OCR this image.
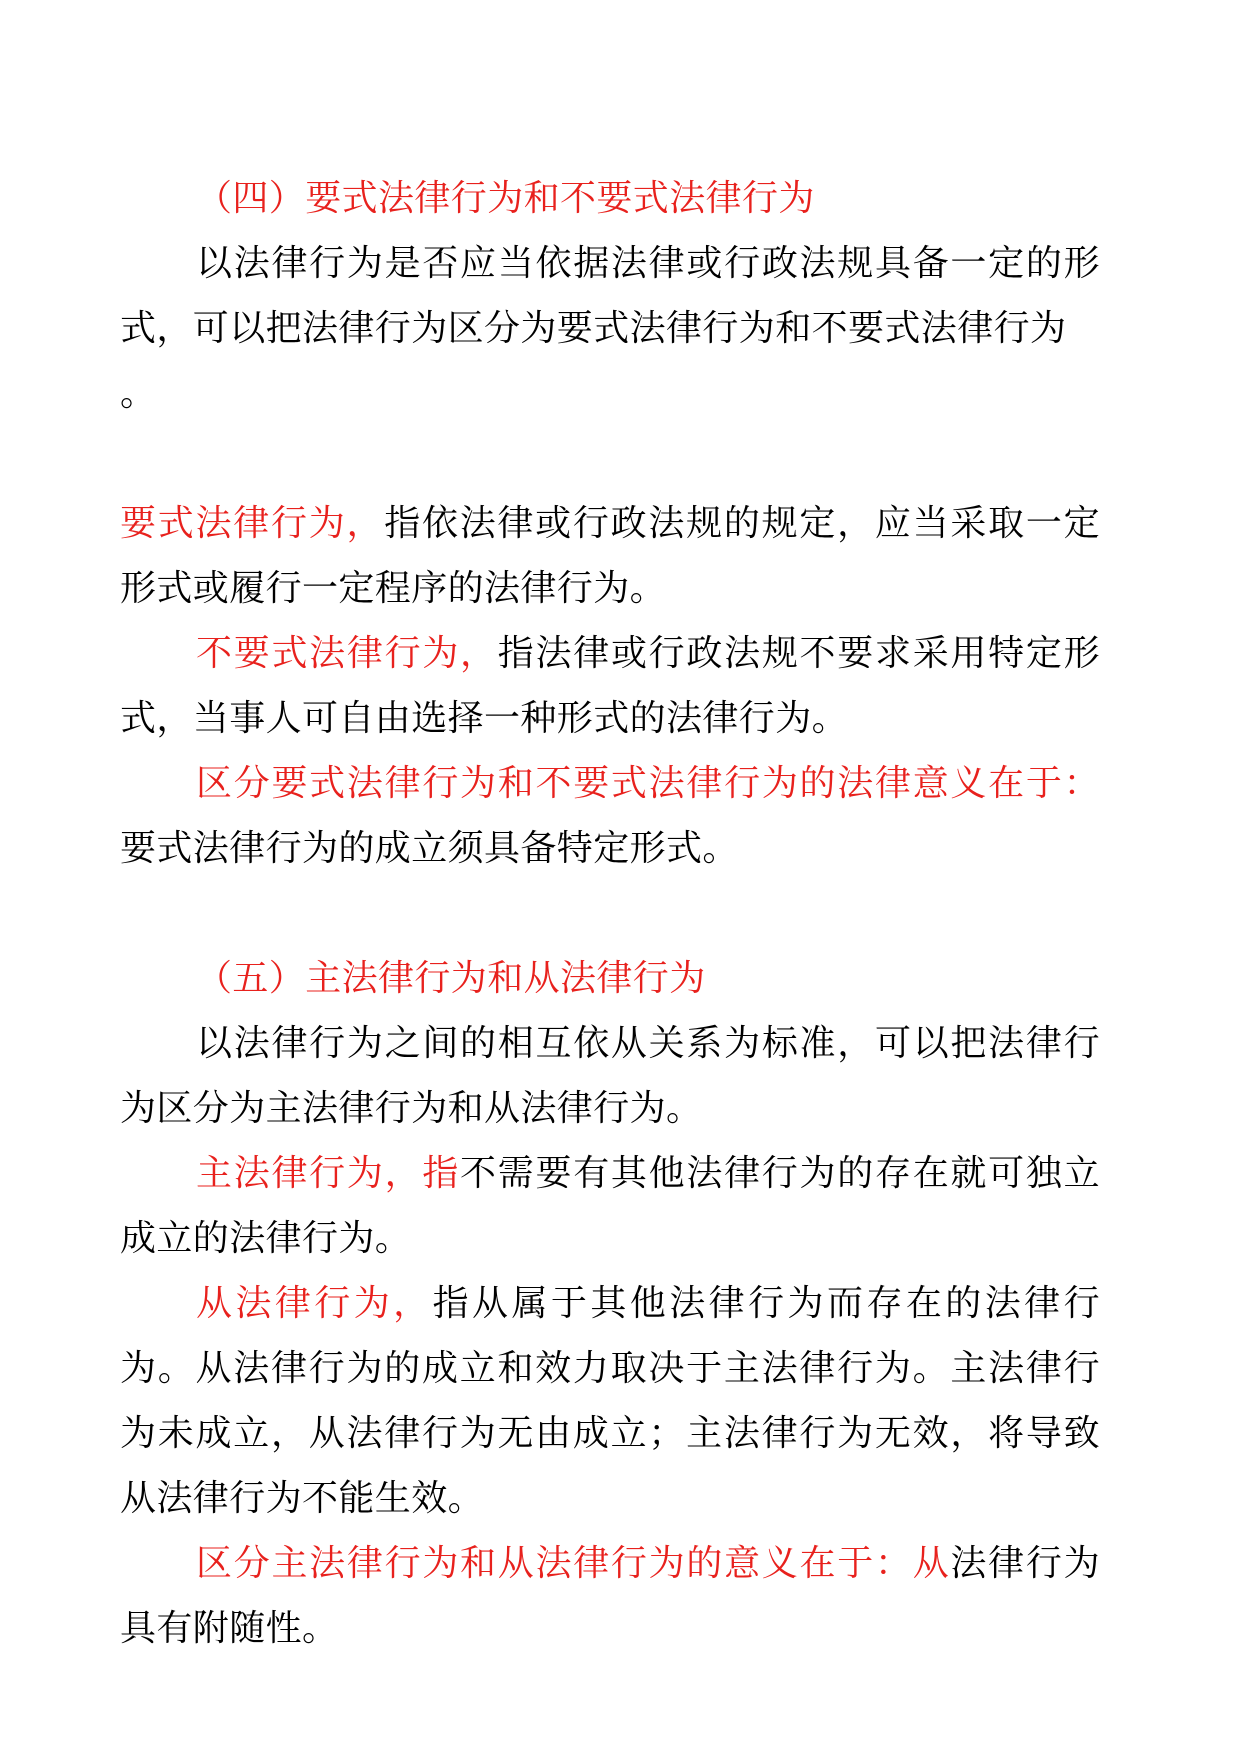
（四）要式法律行为和不要式法律行为

以法律行为是否应当依据法律或行政法规具备一定的形式，可以把法律行为区分为要式法律行为和不要式法律行为

。

要式法律行为，指依法律或行政法规的规定，应当采取一定形式或履行一定程序的法律行为。

不要式法律行为，指法律或行政法规不要求采用特定形式，当事人可自由选择一种形式的法律行为。

区分要式法律行为和不要式法律行为的法律意义在于：要式法律行为的成立须具备特定形式。

（五）主法律行为和从法律行为

以法律行为之间的相互依从关系为标准，可以把法律行为区分为主法律行为和从法律行为。

主法律行为，指不需要有其他法律行为的存在就可独立成立的法律行为。

从法律行为，指从属于其他法律行为而存在的法律行为。从法律行为的成立和效力取决于主法律行为。主法律行为未成立，从法律行为无由成立；主法律行为无效，将导致从法律行为不能生效。

区分主法律行为和从法律行为的意义在于：从法律行为具有附随性。
